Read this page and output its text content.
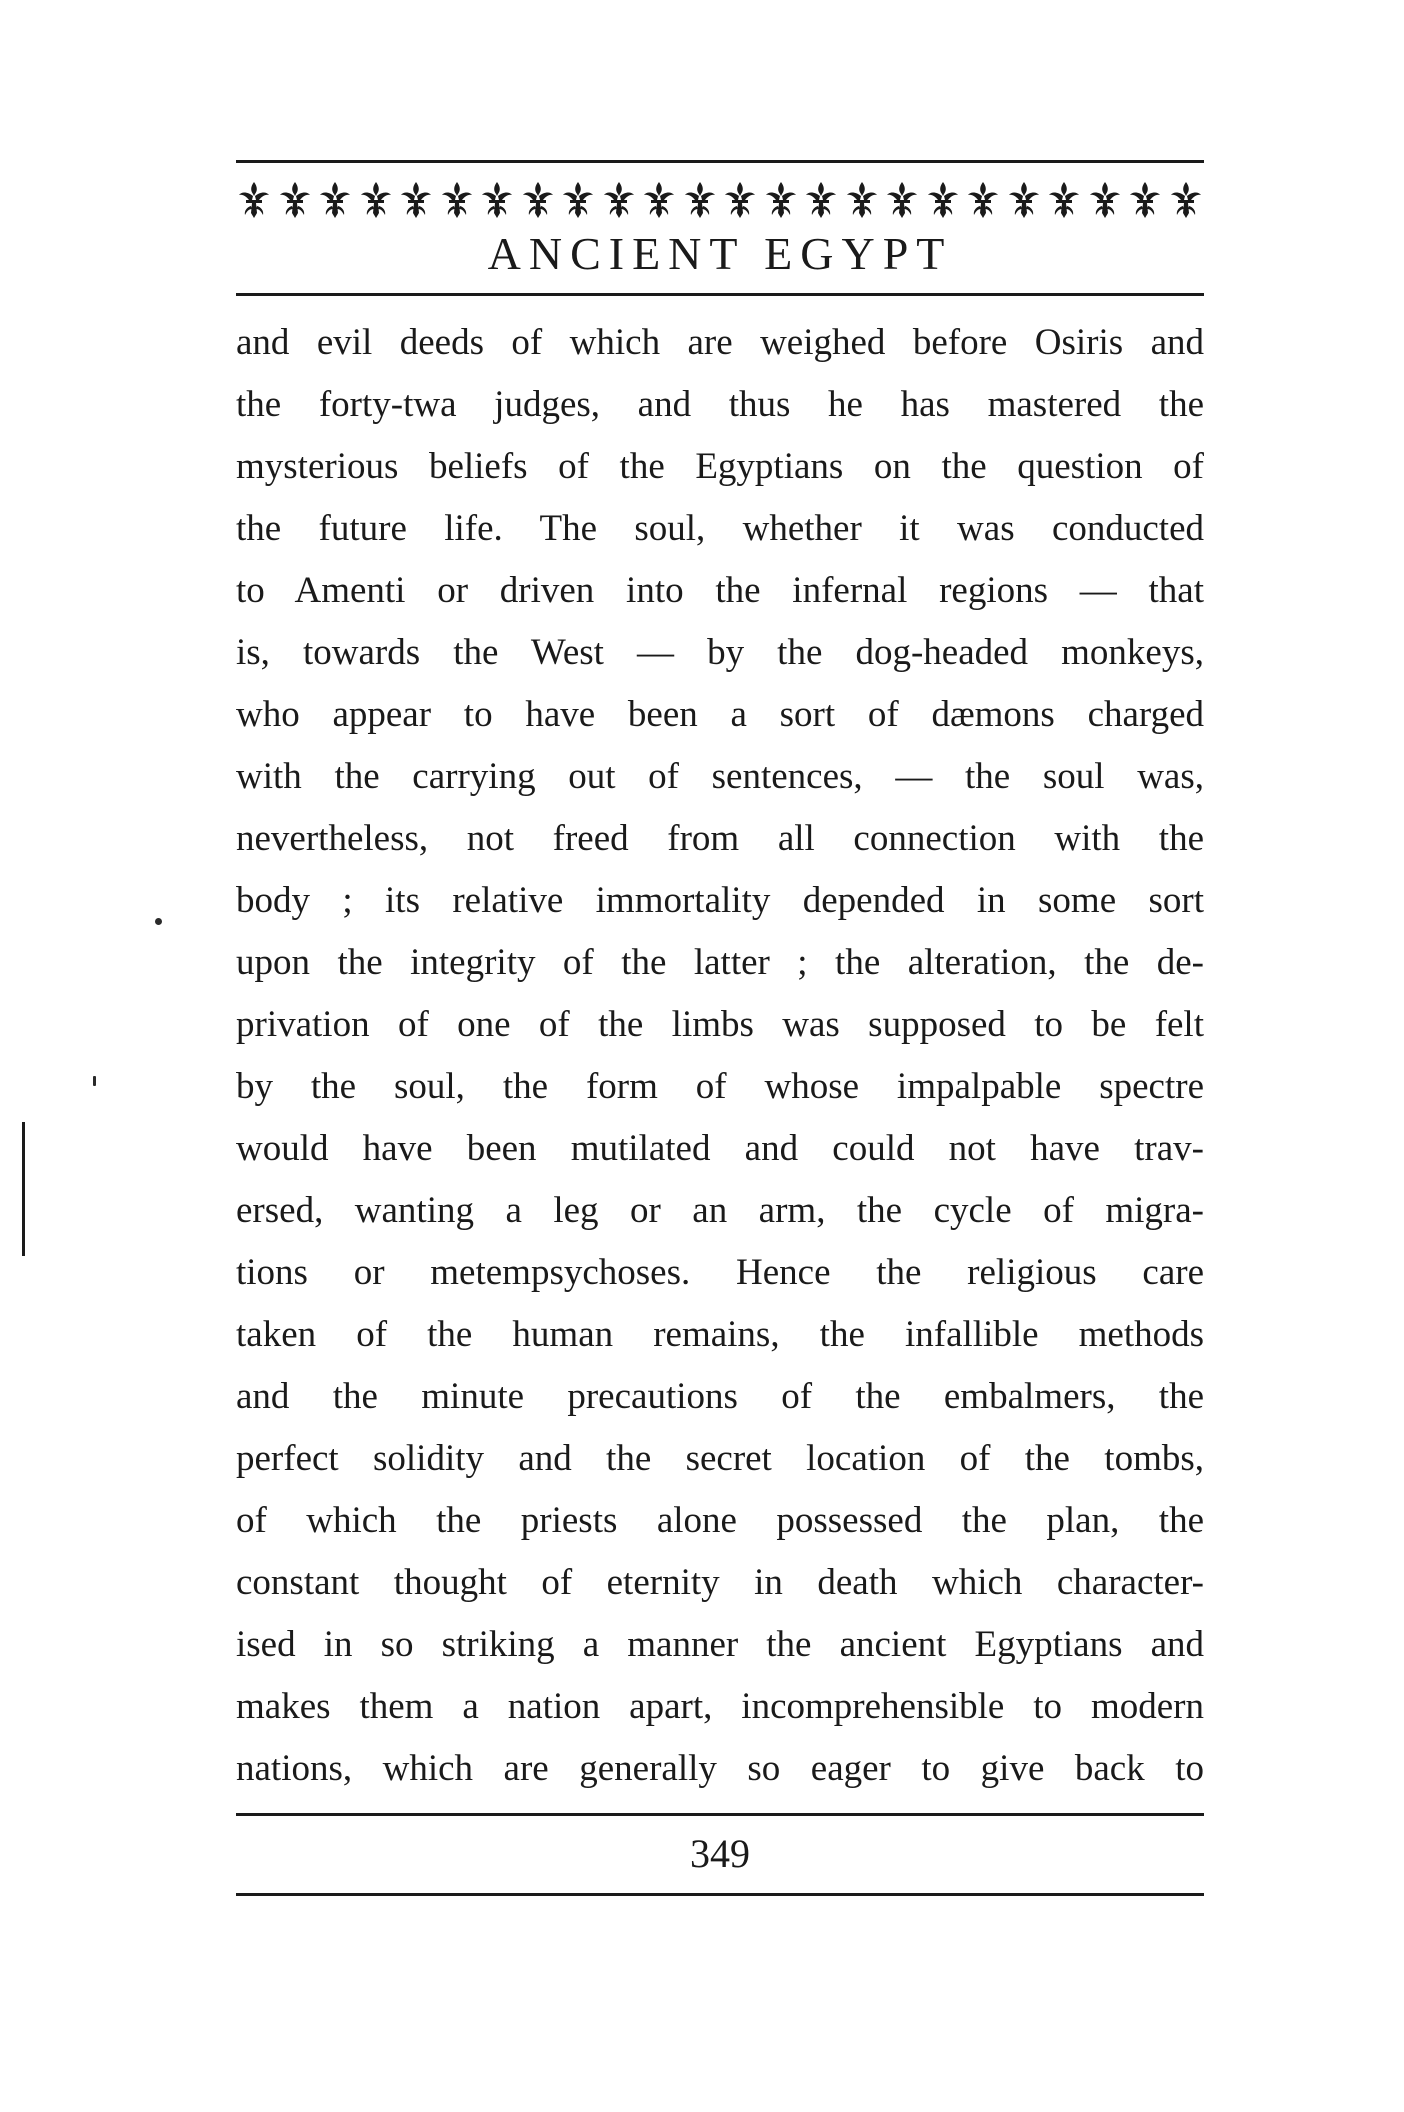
ANCIENT EGYPT
and evil deeds of which are weighed before Osiris and
the forty-twa judges, and thus he has mastered the
mysterious beliefs of the Egyptians on the question of
the future life. The soul, whether it was conducted
to Amenti or driven into the infernal regions — that
is, towards the West — by the dog-headed monkeys,
who appear to have been a sort of dæmons charged
with the carrying out of sentences, — the soul was,
nevertheless, not freed from all connection with the
body ; its relative immortality depended in some sort
upon the integrity of the latter ; the alteration, the de-
privation of one of the limbs was supposed to be felt
by the soul, the form of whose impalpable spectre
would have been mutilated and could not have trav-
ersed, wanting a leg or an arm, the cycle of migra-
tions or metempsychoses. Hence the religious care
taken of the human remains, the infallible methods
and the minute precautions of the embalmers, the
perfect solidity and the secret location of the tombs,
of which the priests alone possessed the plan, the
constant thought of eternity in death which character-
ised in so striking a manner the ancient Egyptians and
makes them a nation apart, incomprehensible to modern
nations, which are generally so eager to give back to
349
